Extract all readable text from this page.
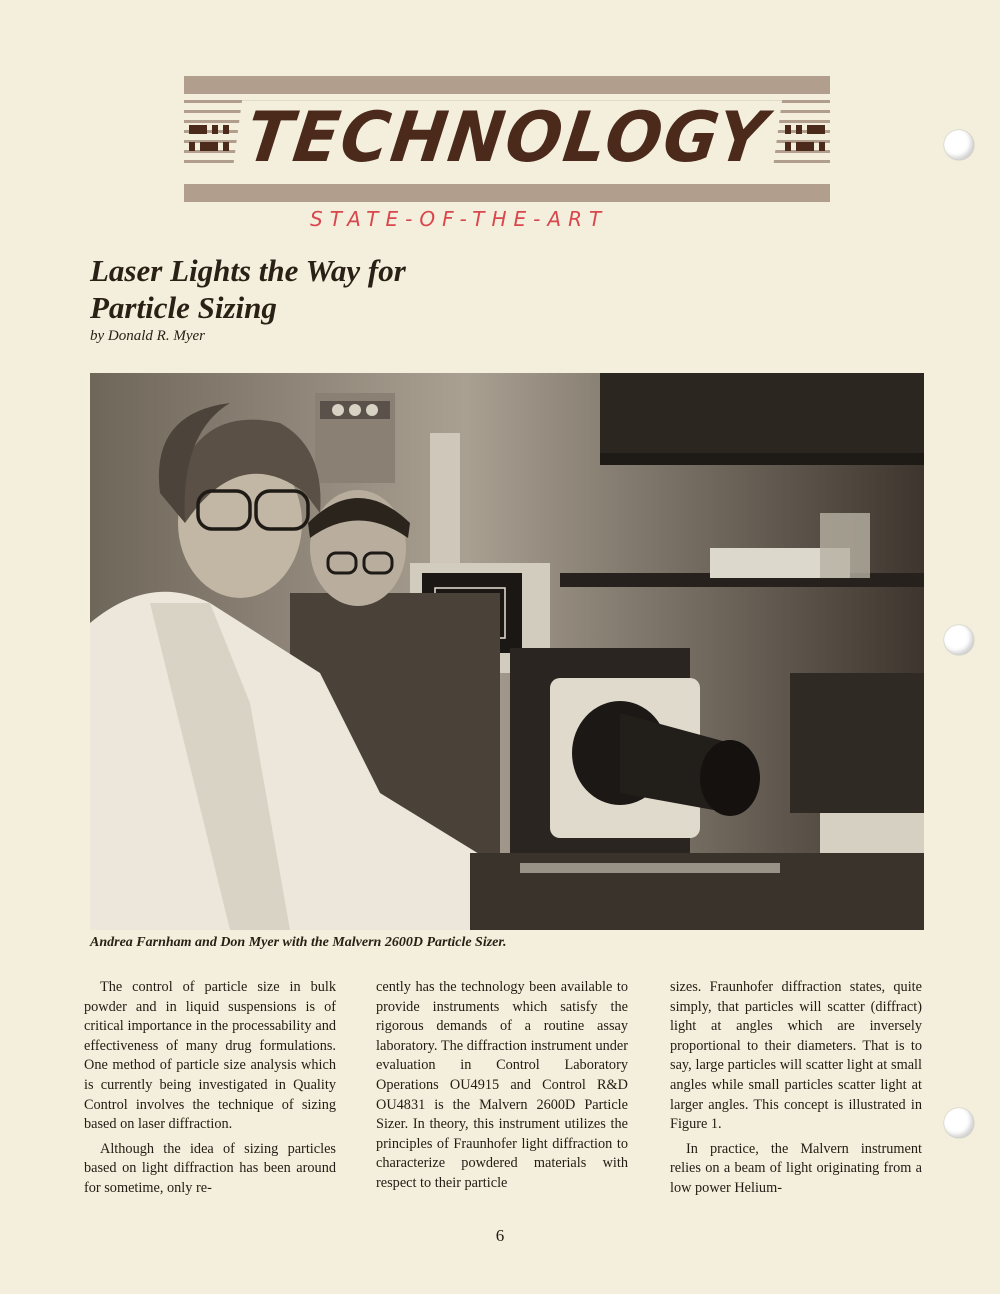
TECHNOLOGY
STATE-OF-THE-ART
Laser Lights the Way for
Particle Sizing
by Donald R. Myer
Andrea Farnham and Don Myer with the Malvern 2600D Particle Sizer.

The control of particle size in bulk powder and in liquid suspensions is of critical importance in the processability and effectiveness of many drug formulations. One method of particle size analysis which is currently being investigated in Quality Control involves the technique of sizing based on laser diffraction.

Although the idea of sizing particles based on light diffraction has been around for sometime, only re-

cently has the technology been available to provide instruments which satisfy the rigorous demands of a routine assay laboratory. The diffraction instrument under evaluation in Control Laboratory Operations OU4915 and Control R&D OU4831 is the Malvern 2600D Particle Sizer. In theory, this instrument utilizes the principles of Fraunhofer light diffraction to characterize powdered materials with respect to their particle

sizes. Fraunhofer diffraction states, quite simply, that particles will scatter (diffract) light at angles which are inversely proportional to their diameters. That is to say, large particles will scatter light at small angles while small particles scatter light at larger angles. This concept is illustrated in Figure 1.

In practice, the Malvern instrument relies on a beam of light originating from a low power Helium-

6
